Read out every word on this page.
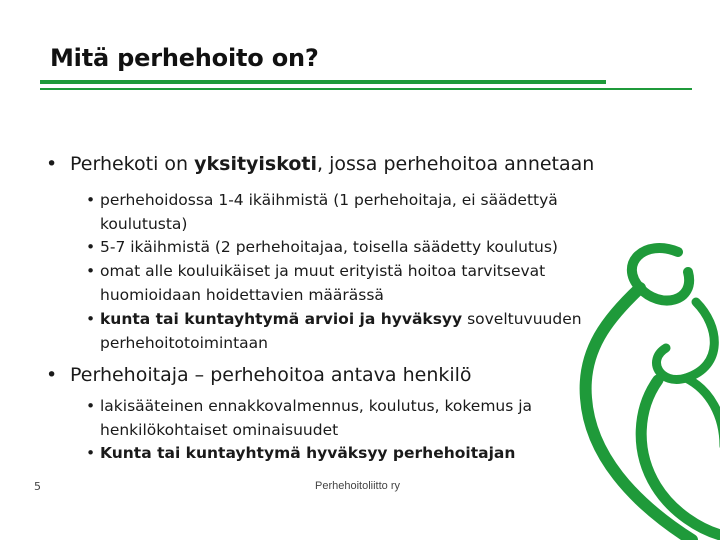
Mitä perhehoito on?
• Perhekoti on yksityiskoti, jossa perhehoitoa annetaan
• perhehoidossa 1-4 ikäihmistä (1 perhehoitaja, ei säädettyä
koulutusta)
• 5-7 ikäihmistä (2 perhehoitajaa, toisella säädetty koulutus)
• omat alle kouluikäiset ja muut erityistä hoitoa tarvitsevat
huomioidaan hoidettavien määrässä
• kunta tai kuntayhtymä arvioi ja hyväksyy soveltuvuuden
perhehoitotoimintaan
• Perhehoitaja – perhehoitoa antava henkilö
• lakisääteinen ennakkovalmennus, koulutus, kokemus ja
henkilökohtaiset ominaisuudet
• Kunta tai kuntayhtymä hyväksyy perhehoitajan
5	Perhehoitoliitto ry
